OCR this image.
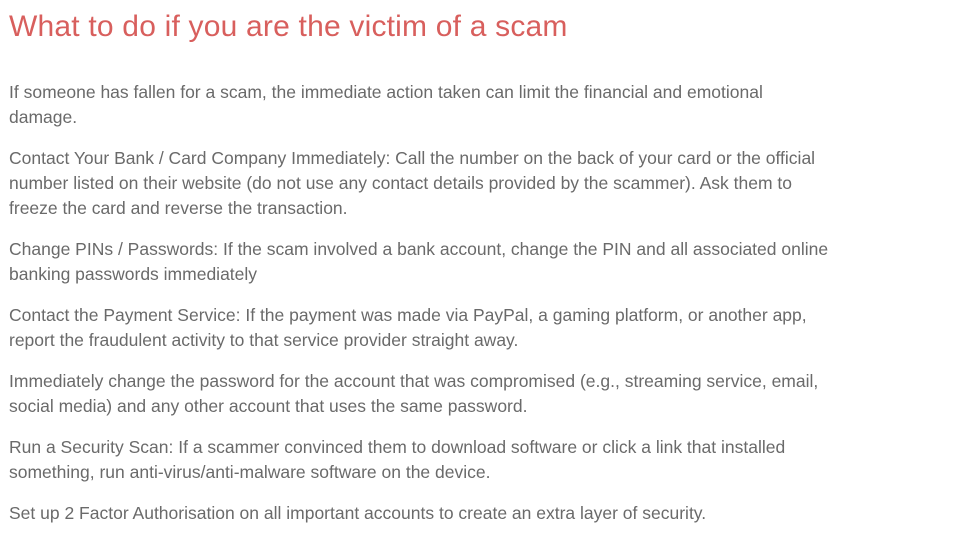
What to do if you are the victim of a scam
If someone has fallen for a scam, the immediate action taken can limit the financial and emotional
damage.
Contact Your Bank / Card Company Immediately: Call the number on the back of your card or the official
number listed on their website (do not use any contact details provided by the scammer). Ask them to
freeze the card and reverse the transaction.
Change PINs / Passwords: If the scam involved a bank account, change the PIN and all associated online
banking passwords immediately
Contact the Payment Service: If the payment was made via PayPal, a gaming platform, or another app,
report the fraudulent activity to that service provider straight away.
Immediately change the password for the account that was compromised (e.g., streaming service, email,
social media) and any other account that uses the same password.
Run a Security Scan: If a scammer convinced them to download software or click a link that installed
something, run anti-virus/anti-malware software on the device.
Set up 2 Factor Authorisation on all important accounts to create an extra layer of security.
